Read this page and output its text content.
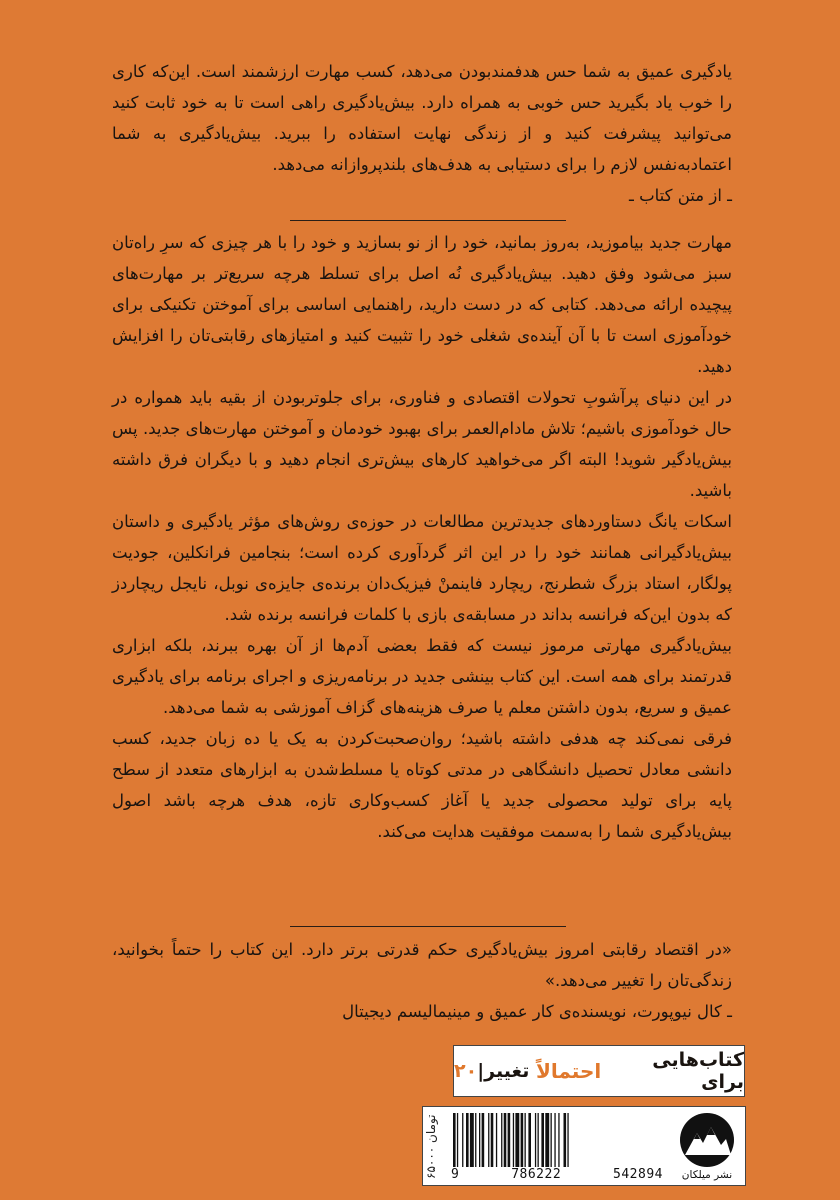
یادگیری عمیق به شما حس هدفمندبودن می‌دهد، کسب مهارت ارزشمند است. این‌که کاری را خوب یاد بگیرید حس خوبی به همراه دارد. بیش‌یادگیری راهی است تا به خود ثابت کنید می‌توانید پیشرفت کنید و از زندگی نهایت استفاده را ببرید. بیش‌یادگیری به شما اعتمادبه‌نفس لازم را برای دستیابی به هدف‌های بلندپروازانه می‌دهد.

ـ از متن کتاب ـ

مهارت جدید بیاموزید، به‌روز بمانید، خود را از نو بسازید و خود را با هر چیزی که سرِ راه‌تان سبز می‌شود وفق دهید. بیش‌یادگیری نُه اصل برای تسلط هرچه سریع‌تر بر مهارت‌های پیچیده ارائه می‌دهد. کتابی که در دست دارید، راهنمایی اساسی برای آموختن تکنیکی برای خودآموزی است تا با آن آینده‌ی شغلی خود را تثبیت کنید و امتیازهای رقابتی‌تان را افزایش دهید.

در این دنیای پرآشوبِ تحولات اقتصادی و فناوری، برای جلوتربودن از بقیه باید همواره در حال خودآموزی باشیم؛ تلاش مادام‌العمر برای بهبود خودمان و آموختن مهارت‌های جدید. پس بیش‌یادگیر شوید! البته اگر می‌خواهید کارهای بیش‌تری انجام دهید و با دیگران فرق داشته باشید.

اسکات یانگ دستاوردهای جدیدترین مطالعات در حوزه‌ی روش‌های مؤثر یادگیری و داستان بیش‌یادگیرانی همانند خود را در این اثر گردآوری کرده است؛ بنجامین فرانکلین، جودیت پولگار، استاد بزرگ شطرنج، ریچارد فاینمنْ فیزیک‌دان برنده‌ی جایزه‌ی نوبل، نایجل ریچاردز که بدون این‌که فرانسه بداند در مسابقه‌ی بازی با کلمات فرانسه برنده شد.

بیش‌یادگیری مهارتی مرموز نیست که فقط بعضی آدم‌ها از آن بهره ببرند، بلکه ابزاری قدرتمند برای همه است. این کتاب بینشی جدید در برنامه‌ریزی و اجرای برنامه برای یادگیری عمیق و سریع، بدون داشتن معلم یا صرف هزینه‌های گزاف آموزشی به شما می‌دهد.

فرقی نمی‌کند چه هدفی داشته باشید؛ روان‌صحبت‌کردن به یک یا ده زبان جدید، کسب دانشی معادل تحصیل دانشگاهی در مدتی کوتاه یا مسلط‌شدن به ابزارهای متعدد از سطح پایه برای تولید محصولی جدید یا آغاز کسب‌وکاری تازه، هدف هرچه باشد اصول بیش‌یادگیری شما را به‌سمت موفقیت هدایت می‌کند.

«در اقتصاد رقابتی امروز بیش‌یادگیری حکم قدرتی برتر دارد. این کتاب را حتماً بخوانید، زندگی‌تان را تغییر می‌دهد.»

ـ کال نیوپورت، نویسنده‌ی کار عمیق و مینیمالیسم دیجیتال

کتاب‌هایی برای

احتمالاً

تغییر
|
۲۰
۶۵۰۰۰ تومان
9	786222	542894	نشر میلکان
